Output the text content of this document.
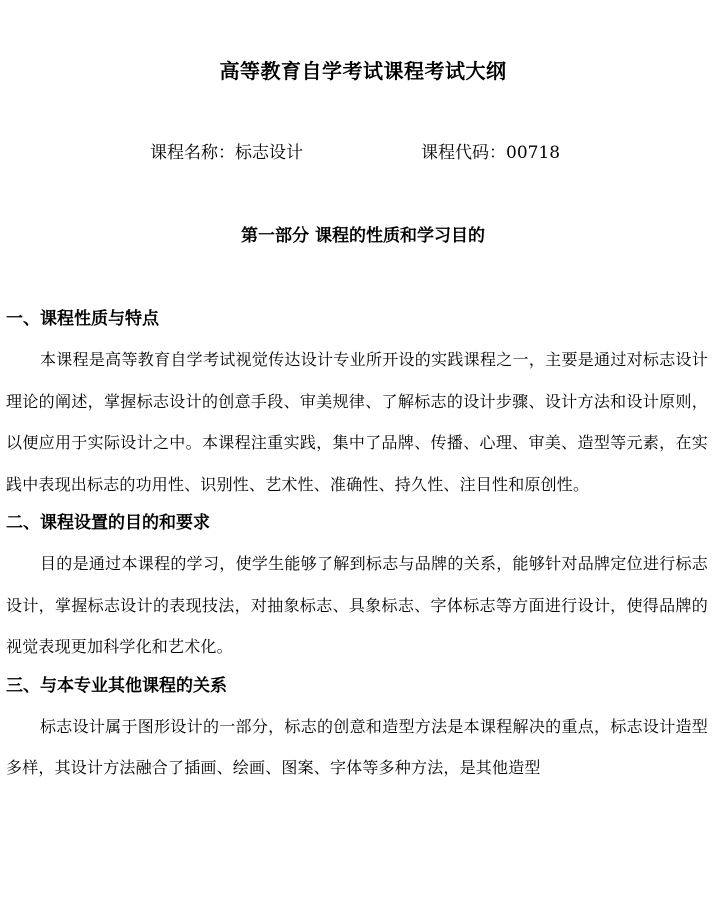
高等教育自学考试课程考试大纲
课程名称：标志设计	课程代码：00718
第一部分 课程的性质和学习目的
一、课程性质与特点
本课程是高等教育自学考试视觉传达设计专业所开设的实践课程之一，主要是通过对标志设计理论的阐述，掌握标志设计的创意手段、审美规律、了解标志的设计步骤、设计方法和设计原则，以便应用于实际设计之中。本课程注重实践，集中了品牌、传播、心理、审美、造型等元素，在实践中表现出标志的功用性、识别性、艺术性、准确性、持久性、注目性和原创性。
二、课程设置的目的和要求
目的是通过本课程的学习，使学生能够了解到标志与品牌的关系，能够针对品牌定位进行标志设计，掌握标志设计的表现技法，对抽象标志、具象标志、字体标志等方面进行设计，使得品牌的视觉表现更加科学化和艺术化。
三、与本专业其他课程的关系
标志设计属于图形设计的一部分，标志的创意和造型方法是本课程解决的重点，标志设计造型多样，其设计方法融合了插画、绘画、图案、字体等多种方法，是其他造型
